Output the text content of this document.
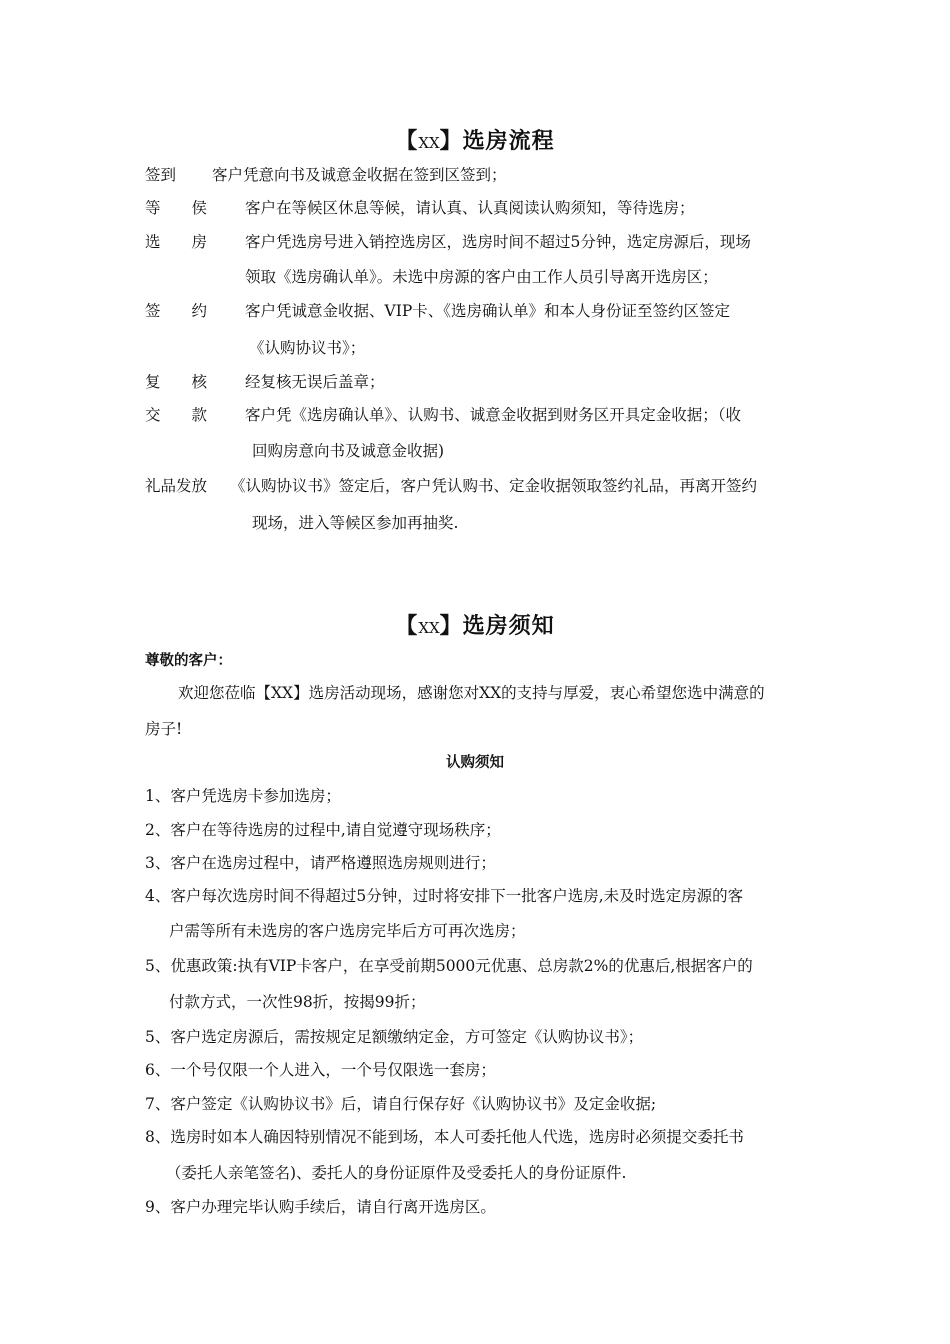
【XX】选房流程
签到 客户凭意向书及诚意金收据在签到区签到；
等　　侯 客户在等候区休息等候，请认真、认真阅读认购须知，等待选房；
选　　房 客户凭选房号进入销控选房区，选房时间不超过5分钟，选定房源后，现场
领取《选房确认单》。未选中房源的客户由工作人员引导离开选房区；
签　　约 客户凭诚意金收据、VIP卡、《选房确认单》和本人身份证至签约区签定
《认购协议书》；
复　　核 经复核无误后盖章；
交　　款 客户凭《选房确认单》、认购书、诚意金收据到财务区开具定金收据；（收
回购房意向书及诚意金收据)
礼品发放 《认购协议书》签定后，客户凭认购书、定金收据领取签约礼品，再离开签约
现场，进入等候区参加再抽奖.
【XX】选房须知
尊敬的客户：
欢迎您莅临【XX】选房活动现场，感谢您对XX的支持与厚爱，衷心希望您选中满意的
房子!
认购须知
1、客户凭选房卡参加选房；
2、客户在等待选房的过程中,请自觉遵守现场秩序；
3、客户在选房过程中，请严格遵照选房规则进行；
4、客户每次选房时间不得超过5分钟，过时将安排下一批客户选房,未及时选定房源的客
户需等所有未选房的客户选房完毕后方可再次选房；
5、优惠政策:执有VIP卡客户，在享受前期5000元优惠、总房款2%的优惠后,根据客户的
付款方式，一次性98折，按揭99折；
5、客户选定房源后，需按规定足额缴纳定金，方可签定《认购协议书》；
6、一个号仅限一个人进入，一个号仅限选一套房；
7、客户签定《认购协议书》后，请自行保存好《认购协议书》及定金收据;
8、选房时如本人确因特别情况不能到场，本人可委托他人代选，选房时必须提交委托书
（委托人亲笔签名)、委托人的身份证原件及受委托人的身份证原件.
9、客户办理完毕认购手续后，请自行离开选房区。
